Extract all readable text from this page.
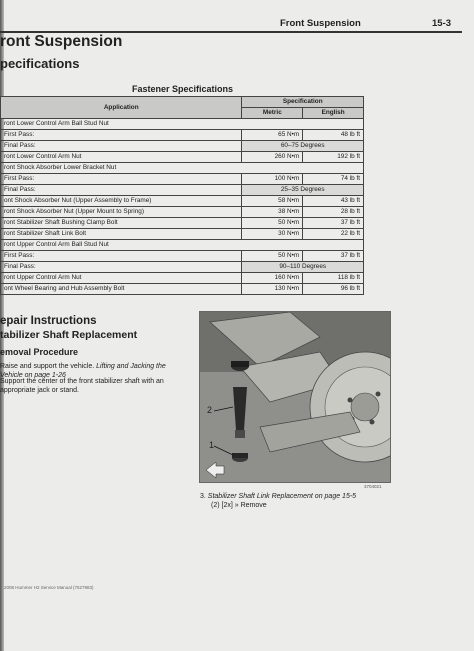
Front Suspension	15-3
ront Suspension
pecifications
Fastener Specifications
Application	Specification	
	Metric	English
ront Lower Control Arm Ball Stud Nut		
First Pass:	65 N•m	48 lb ft
Final Pass:	60–75 Degrees	
ront Lower Control Arm Nut	260 N•m	192 lb ft
ront Shock Absorber Lower Bracket Nut		
First Pass:	100 N•m	74 lb ft
Final Pass:	25–35 Degrees	
ont Shock Absorber Nut (Upper Assembly to Frame)	58 N•m	43 lb ft
ront Shock Absorber Nut (Upper Mount to Spring)	38 N•m	28 lb ft
ront Stabilizer Shaft Bushing Clamp Bolt	50 N•m	37 lb ft
ront Stabilizer Shaft Link Bolt	30 N•m	22 lb ft
ront Upper Control Arm Ball Stud Nut		
First Pass:	50 N•m	37 lb ft
Final Pass:	90–110 Degrees	
ront Upper Control Arm Nut	160 N•m	118 lb ft
ont Wheel Bearing and Hub Assembly Bolt	130 N•m	96 lb ft
epair Instructions
tabilizer Shaft Replacement
emoval Procedure
Raise and support the vehicle. Lifting and Jacking the Vehicle on page 1-26
Support the center of the front stabilizer shaft with an appropriate jack or stand.
2
1
3704021
3. Stabilizer Shaft Link Replacement on page 15-5
(2) [2x] » Remove
2008 Hummer H2 Service Manual (7527983)
